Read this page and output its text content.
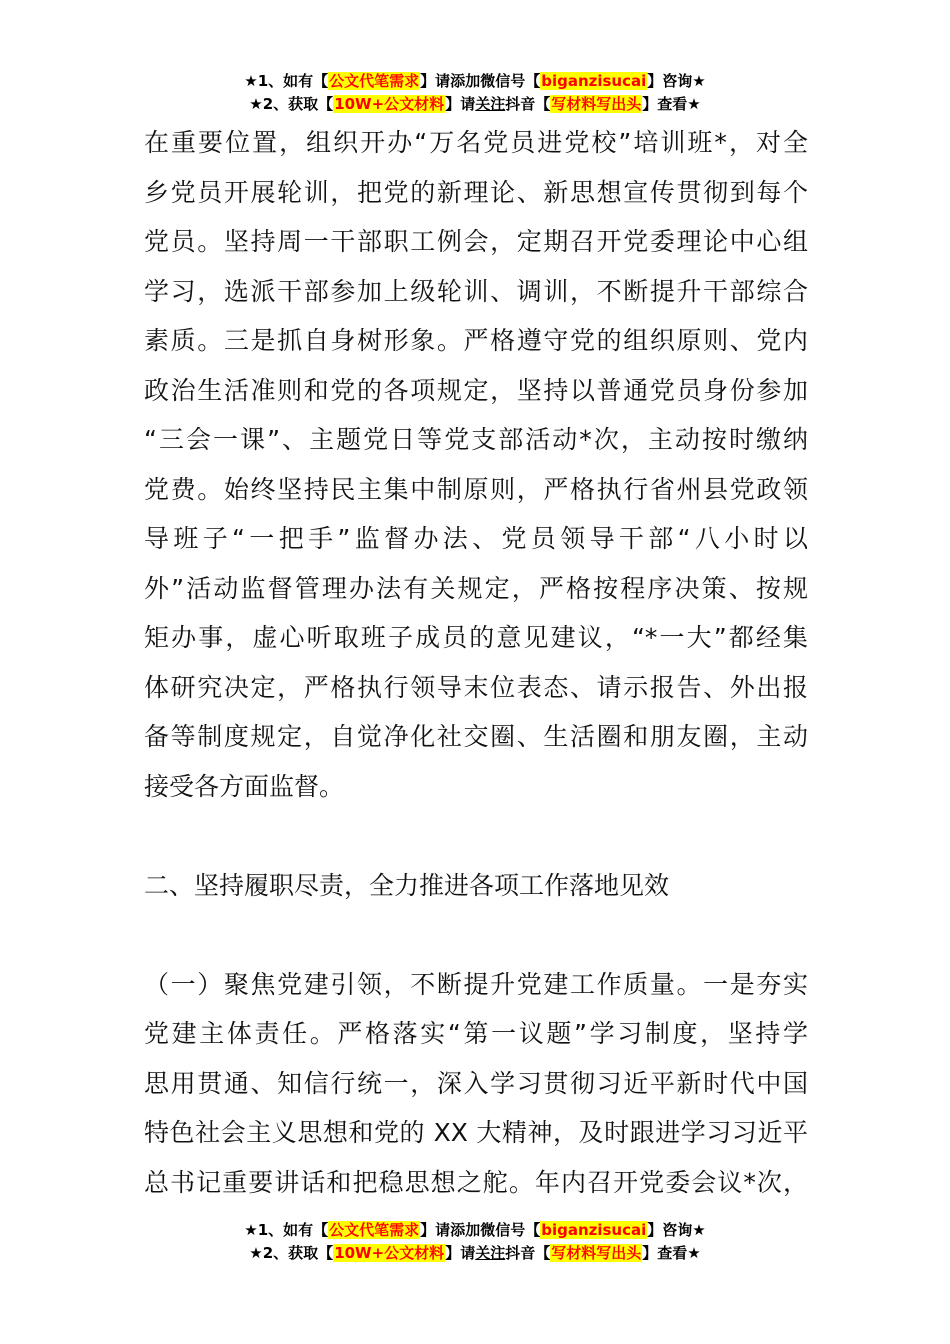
★1、如有【公文代笔需求】请添加微信号【biganzisucai】咨询★
★2、获取【10W+公文材料】请关注抖音【写材料写出头】查看★
在重要位置，组织开办“万名党员进党校”培训班*，对全
乡党员开展轮训，把党的新理论、新思想宣传贯彻到每个
党员。坚持周一干部职工例会，定期召开党委理论中心组
学习，选派干部参加上级轮训、调训，不断提升干部综合
素质。三是抓自身树形象。严格遵守党的组织原则、党内
政治生活准则和党的各项规定，坚持以普通党员身份参加
“三会一课”、主题党日等党支部活动*次，主动按时缴纳
党费。始终坚持民主集中制原则，严格执行省州县党政领
导班子“一把手”监督办法、党员领导干部“八小时以
外”活动监督管理办法有关规定，严格按程序决策、按规
矩办事，虚心听取班子成员的意见建议，“*一大”都经集
体研究决定，严格执行领导末位表态、请示报告、外出报
备等制度规定，自觉净化社交圈、生活圈和朋友圈，主动
接受各方面监督。
二、坚持履职尽责，全力推进各项工作落地见效
（一）聚焦党建引领，不断提升党建工作质量。一是夯实
党建主体责任。严格落实“第一议题”学习制度，坚持学
思用贯通、知信行统一，深入学习贯彻习近平新时代中国
特色社会主义思想和党的 XX 大精神，及时跟进学习习近平
总书记重要讲话和把稳思想之舵。年内召开党委会议*次，
★1、如有【公文代笔需求】请添加微信号【biganzisucai】咨询★
★2、获取【10W+公文材料】请关注抖音【写材料写出头】查看★
